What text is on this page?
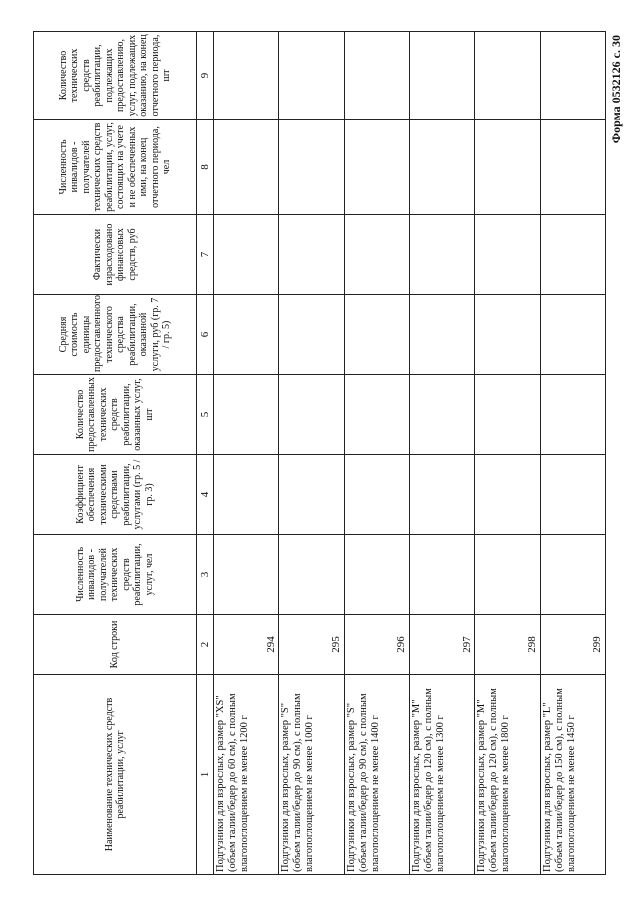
Форма 0532126 с. 30
Наименование технических средств реабилитации, услуг	Код строки	Численность инвалидов - получателей технических средств реабилитации, услуг, чел	Коэффициент обеспечения техническими средствами реабилитации, услугами (гр. 5 / гр. 3)	Количество предоставленных технических средств реабилитации, оказанных услуг, шт	Средняя стоимость единицы предоставленного технического средства реабилитации, оказанной услуги, руб (гр. 7 / гр. 5)	Фактически израсходовано финансовых средств, руб	Численность инвалидов - получателей технических средств реабилитации, услуг, состоящих на учете и не обеспеченных ими, на конец отчетного периода, чел	Количество технических средств реабилитации, подлежащих предоставлению, услуг, подлежащих оказанию, на конец отчетного периода, шт
1	2	3	4	5	6	7	8	9
Подгузники для взрослых, размер "XS" (объем талии/бедер до 60 см), с полным влагопоглощением не менее 1200 г	294							
Подгузники для взрослых, размер "S" (объем талии/бедер до 90 см), с полным влагопоглощением не менее 1000 г	295							
Подгузники для взрослых, размер "S" (объем талии/бедер до 90 см), с полным влагопоглощением не менее 1400 г	296							
Подгузники для взрослых, размер "M" (объем талии/бедер до 120 см), с полным влагопоглощением не менее 1300 г	297							
Подгузники для взрослых, размер "M" (объем талии/бедер до 120 см), с полным влагопоглощением не менее 1800 г	298							
Подгузники для взрослых, размер "L" (объем талии/бедер до 150 см), с полным влагопоглощением не менее 1450 г	299							
